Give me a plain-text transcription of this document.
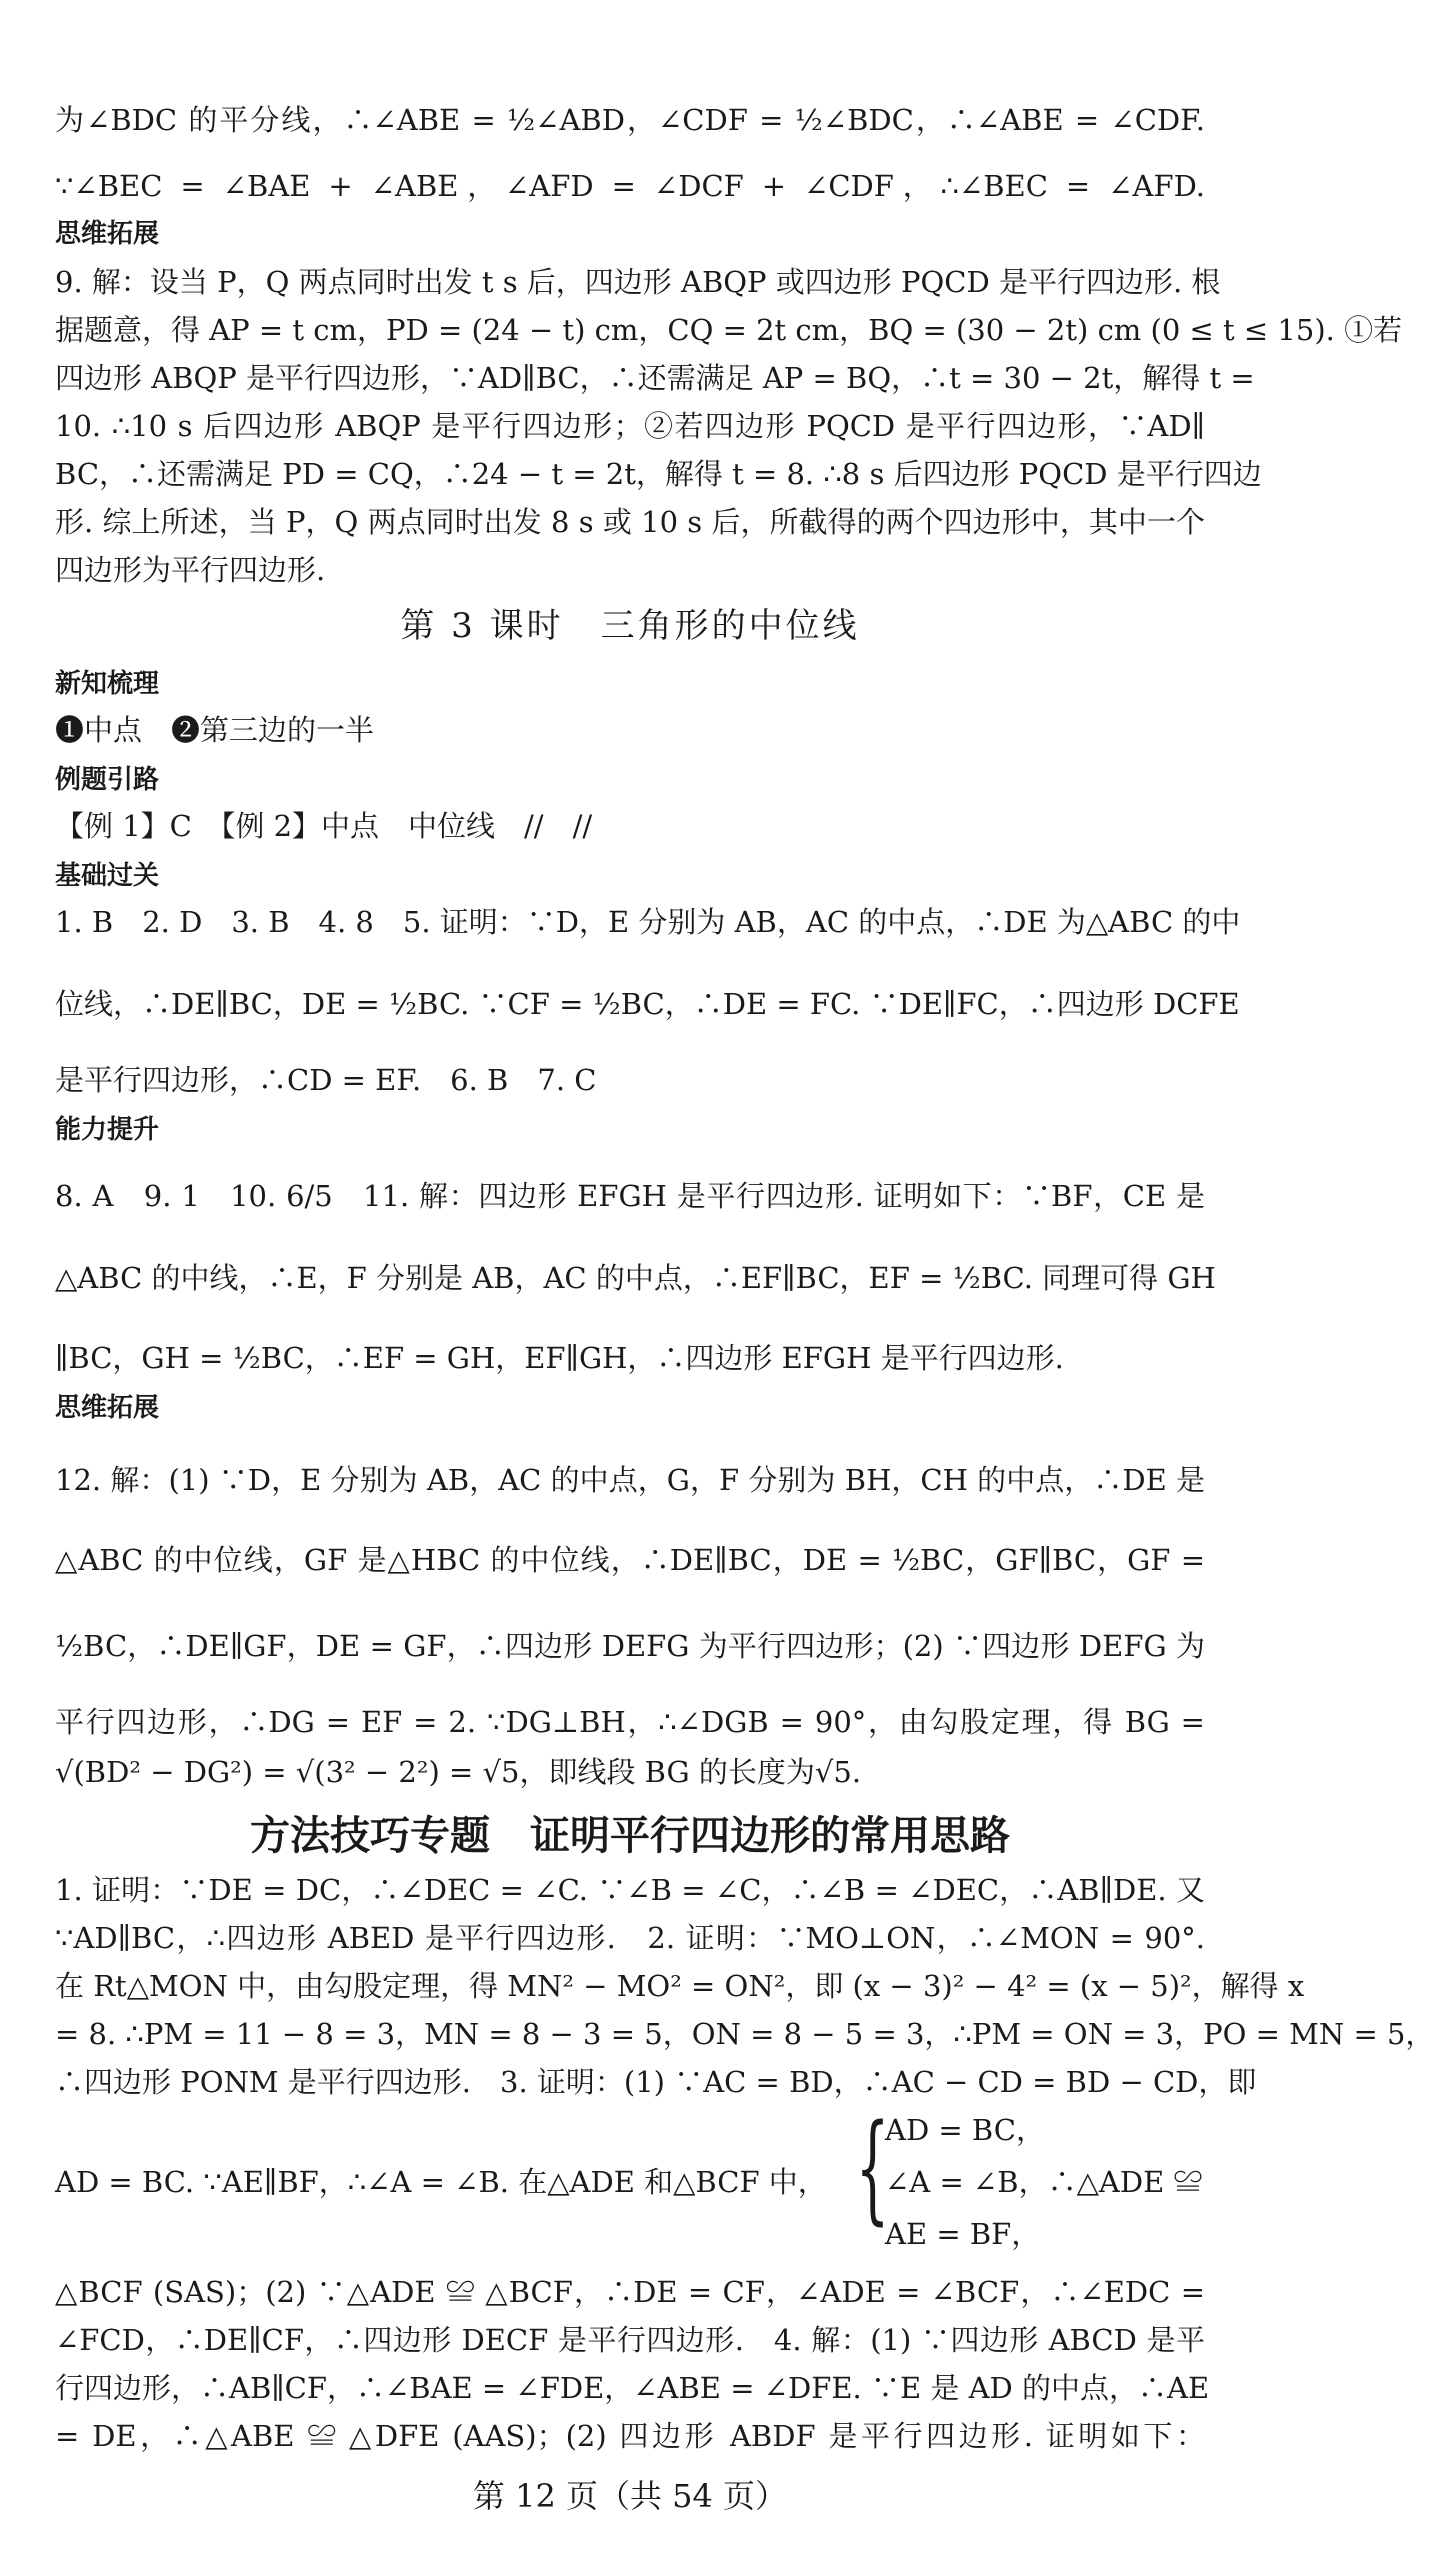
为∠BDC 的平分线，∴∠ABE = ½∠ABD，∠CDF = ½∠BDC，∴∠ABE = ∠CDF.
∵∠BEC = ∠BAE + ∠ABE，∠AFD = ∠DCF + ∠CDF，∴∠BEC = ∠AFD.
思维拓展
9. 解：设当 P，Q 两点同时出发 t s 后，四边形 ABQP 或四边形 PQCD 是平行四边形. 根
据题意，得 AP = t cm，PD = (24 − t) cm，CQ = 2t cm，BQ = (30 − 2t) cm (0 ≤ t ≤ 15). ①若
四边形 ABQP 是平行四边形，∵AD∥BC，∴还需满足 AP = BQ，∴t = 30 − 2t，解得 t =
10. ∴10 s 后四边形 ABQP 是平行四边形；②若四边形 PQCD 是平行四边形，∵AD∥
BC，∴还需满足 PD = CQ，∴24 − t = 2t，解得 t = 8. ∴8 s 后四边形 PQCD 是平行四边
形. 综上所述，当 P，Q 两点同时出发 8 s 或 10 s 后，所截得的两个四边形中，其中一个
四边形为平行四边形.
第 3 课时　三角形的中位线
新知梳理
❶中点　❷第三边的一半
例题引路
【例 1】C　【例 2】中点　中位线　//　//
基础过关
1. B　2. D　3. B　4. 8　5. 证明：∵D，E 分别为 AB，AC 的中点，∴DE 为△ABC 的中
位线，∴DE∥BC，DE = ½BC. ∵CF = ½BC，∴DE = FC. ∵DE∥FC，∴四边形 DCFE
是平行四边形，∴CD = EF.　6. B　7. C
能力提升
8. A　9. 1　10. 6/5　11. 解：四边形 EFGH 是平行四边形. 证明如下：∵BF，CE 是
△ABC 的中线，∴E，F 分别是 AB，AC 的中点，∴EF∥BC，EF = ½BC. 同理可得 GH
∥BC，GH = ½BC，∴EF = GH，EF∥GH，∴四边形 EFGH 是平行四边形.
思维拓展
12. 解：(1) ∵D，E 分别为 AB，AC 的中点，G，F 分别为 BH，CH 的中点，∴DE 是
△ABC 的中位线，GF 是△HBC 的中位线，∴DE∥BC，DE = ½BC，GF∥BC，GF =
½BC，∴DE∥GF，DE = GF，∴四边形 DEFG 为平行四边形；(2) ∵四边形 DEFG 为
平行四边形，∴DG = EF = 2. ∵DG⊥BH，∴∠DGB = 90°，由勾股定理，得 BG =
√(BD² − DG²) = √(3² − 2²) = √5，即线段 BG 的长度为√5.
方法技巧专题　证明平行四边形的常用思路
1. 证明：∵DE = DC，∴∠DEC = ∠C. ∵∠B = ∠C，∴∠B = ∠DEC，∴AB∥DE. 又
∵AD∥BC，∴四边形 ABED 是平行四边形.　2. 证明：∵MO⊥ON，∴∠MON = 90°.
在 Rt△MON 中，由勾股定理，得 MN² − MO² = ON²，即 (x − 3)² − 4² = (x − 5)²，解得 x
= 8. ∴PM = 11 − 8 = 3，MN = 8 − 3 = 5，ON = 8 − 5 = 3，∴PM = ON = 3，PO = MN = 5，
∴四边形 PONM 是平行四边形.　3. 证明：(1) ∵AC = BD，∴AC − CD = BD − CD，即
AD = BC. ∵AE∥BF，∴∠A = ∠B. 在△ADE 和△BCF 中， {
AD = BC，
∠A = ∠B，∴△ADE ≌
AE = BF，
△BCF (SAS)；(2) ∵△ADE ≌ △BCF，∴DE = CF，∠ADE = ∠BCF，∴∠EDC =
∠FCD，∴DE∥CF，∴四边形 DECF 是平行四边形.　4. 解：(1) ∵四边形 ABCD 是平
行四边形，∴AB∥CF，∴∠BAE = ∠FDE，∠ABE = ∠DFE. ∵E 是 AD 的中点，∴AE
= DE，∴△ABE ≌ △DFE (AAS)；(2) 四边形 ABDF 是平行四边形. 证明如下：
第 12 页（共 54 页）
